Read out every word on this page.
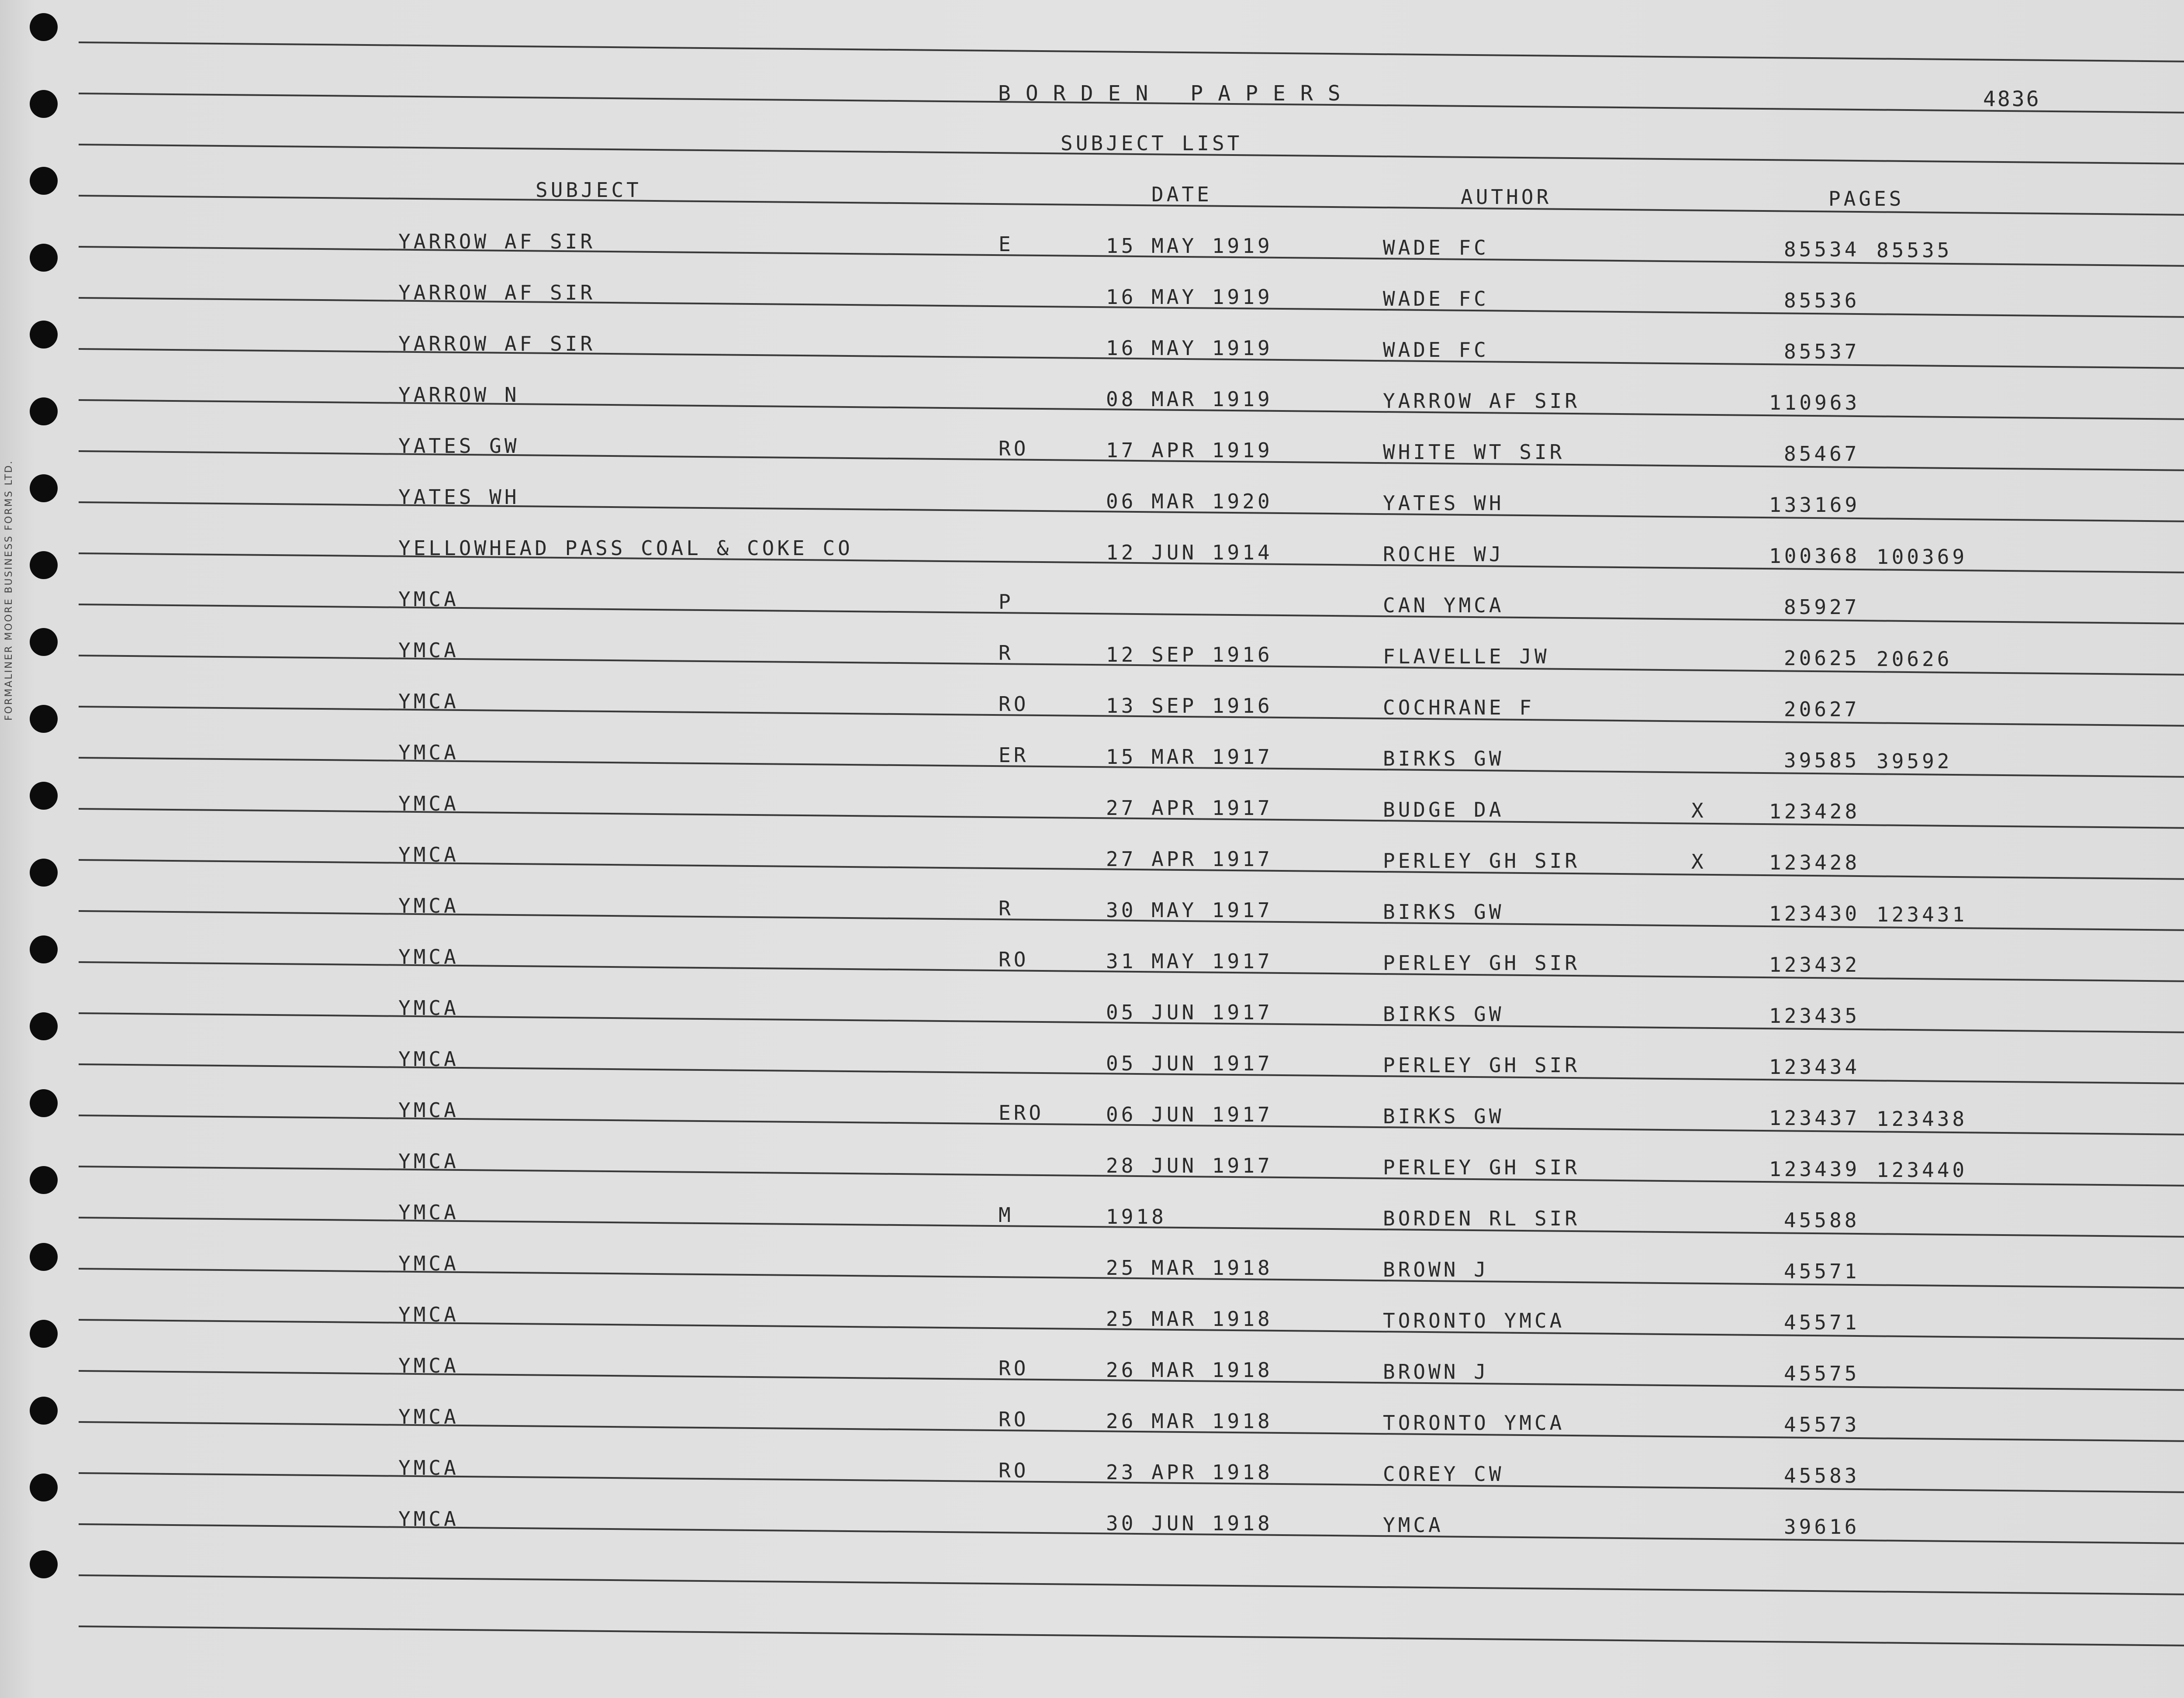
FORMALINER MOORE BUSINESS FORMS LTD.
BORDEN PAPERS	4836
SUBJECT LIST
SUBJECT	DATE	AUTHOR	PAGES
YARROW AF SIR	E	15 MAY 1919	WADE FC	85534 85535
YARROW AF SIR	16 MAY 1919	WADE FC	85536
YARROW AF SIR	16 MAY 1919	WADE FC	85537
YARROW N	08 MAR 1919	YARROW AF SIR	110963
YATES GW	RO	17 APR 1919	WHITE WT SIR	85467
YATES WH	06 MAR 1920	YATES WH	133169
YELLOWHEAD PASS COAL & COKE CO	12 JUN 1914	ROCHE WJ	100368 100369
YMCA	P	CAN YMCA	85927
YMCA	R	12 SEP 1916	FLAVELLE JW	20625 20626
YMCA	RO	13 SEP 1916	COCHRANE F	20627
YMCA	ER	15 MAR 1917	BIRKS GW	39585 39592
YMCA	27 APR 1917	BUDGE DA	X	123428
YMCA	27 APR 1917	PERLEY GH SIR	X	123428
YMCA	R	30 MAY 1917	BIRKS GW	123430 123431
YMCA	RO	31 MAY 1917	PERLEY GH SIR	123432
YMCA	05 JUN 1917	BIRKS GW	123435
YMCA	05 JUN 1917	PERLEY GH SIR	123434
YMCA	ERO	06 JUN 1917	BIRKS GW	123437 123438
YMCA	28 JUN 1917	PERLEY GH SIR	123439 123440
YMCA	M	1918	BORDEN RL SIR	45588
YMCA	25 MAR 1918	BROWN J	45571
YMCA	25 MAR 1918	TORONTO YMCA	45571
YMCA	RO	26 MAR 1918	BROWN J	45575
YMCA	RO	26 MAR 1918	TORONTO YMCA	45573
YMCA	RO	23 APR 1918	COREY CW	45583
YMCA	30 JUN 1918	YMCA	39616
